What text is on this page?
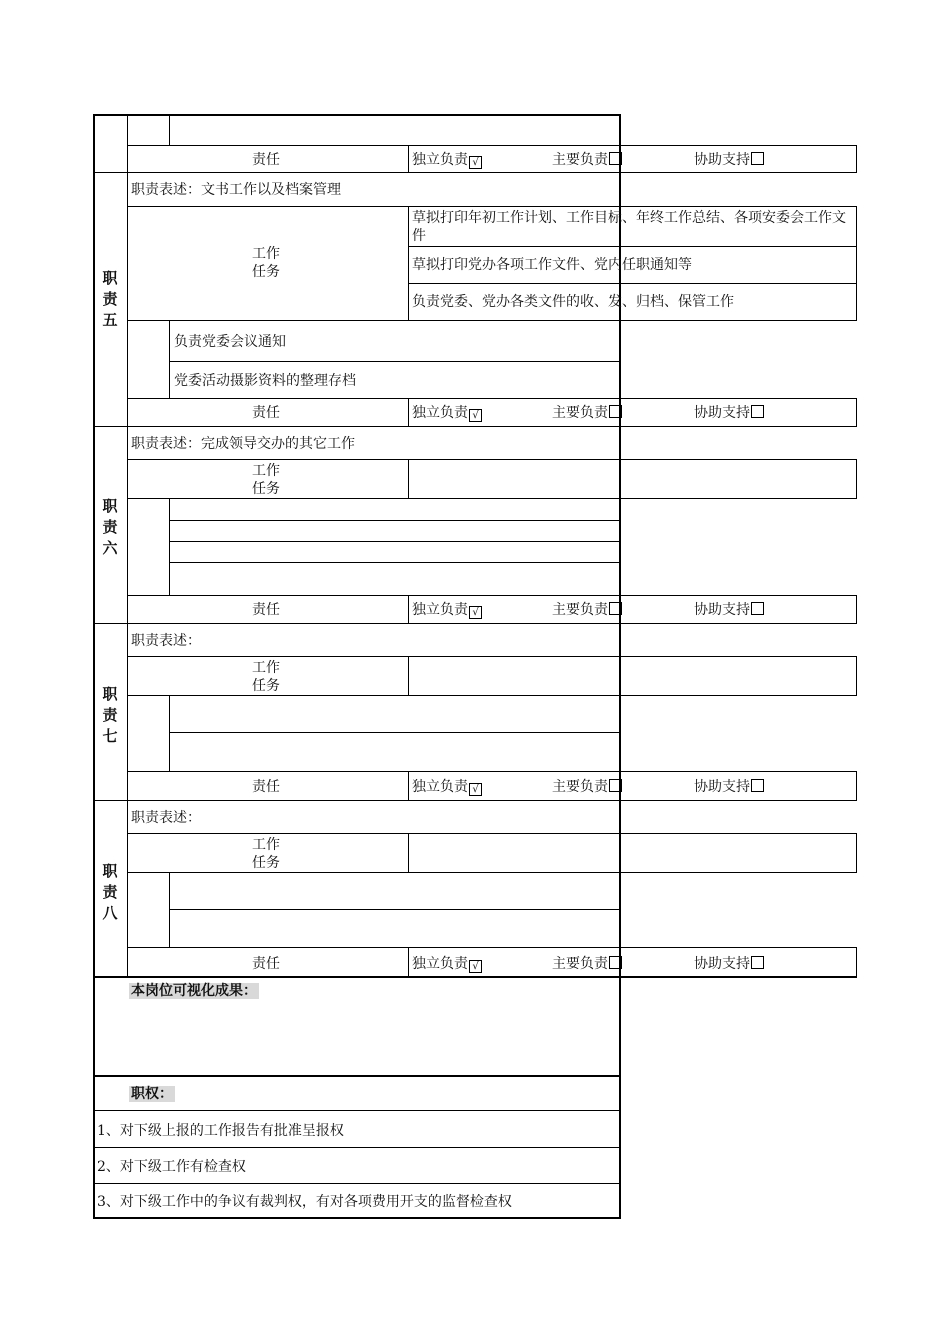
责任	独立负责 √	主要负责	协助支持
职责五
职责表述：文书工作以及档案管理
工作任务
草拟打印年初工作计划、工作目标、年终工作总结、各项安委会工作文件
草拟打印党办各项工作文件、党内任职通知等
负责党委、党办各类文件的收、发、归档、保管工作
负责党委会议通知
党委活动摄影资料的整理存档
责任	独立负责 √	主要负责	协助支持
职责六
职责表述：完成领导交办的其它工作
工作任务
责任	独立负责 √	主要负责	协助支持
职责七
职责表述：
工作任务
责任	独立负责 √	主要负责	协助支持
职责八
职责表述：
工作任务
责任	独立负责 √	主要负责	协助支持
本岗位可视化成果：
职权：
1、对下级上报的工作报告有批准呈报权
2、对下级工作有检查权
3、对下级工作中的争议有裁判权，有对各项费用开支的监督检查权
